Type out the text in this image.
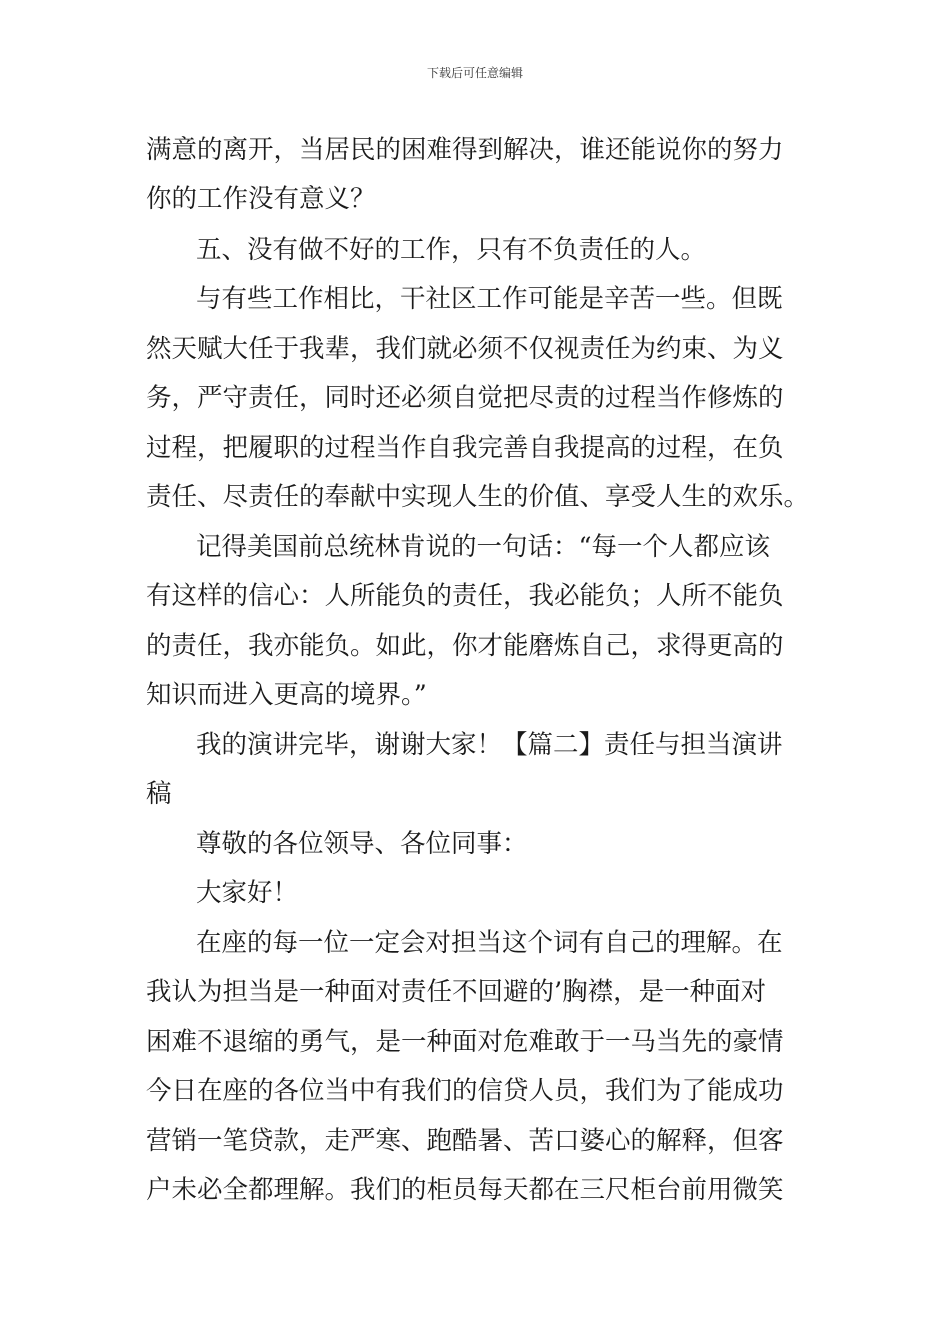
下载后可任意编辑
满意的离开，当居民的困难得到解决，谁还能说你的努力
你的工作没有意义？
五、没有做不好的工作，只有不负责任的人。
与有些工作相比，干社区工作可能是辛苦一些。但既
然天赋大任于我辈，我们就必须不仅视责任为约束、为义
务，严守责任，同时还必须自觉把尽责的过程当作修炼的
过程，把履职的过程当作自我完善自我提高的过程，在负
责任、尽责任的奉献中实现人生的价值、享受人生的欢乐。
记得美国前总统林肯说的一句话：“每一个人都应该
有这样的信心：人所能负的责任，我必能负；人所不能负
的责任，我亦能负。如此，你才能磨炼自己，求得更高的
知识而进入更高的境界。”
我的演讲完毕，谢谢大家！【篇二】责任与担当演讲
稿
尊敬的各位领导、各位同事：
大家好！
在座的每一位一定会对担当这个词有自己的理解。在
我认为担当是一种面对责任不回避的’胸襟，是一种面对
困难不退缩的勇气，是一种面对危难敢于一马当先的豪情
今日在座的各位当中有我们的信贷人员，我们为了能成功
营销一笔贷款，走严寒、跑酷暑、苦口婆心的解释，但客
户未必全都理解。我们的柜员每天都在三尺柜台前用微笑
